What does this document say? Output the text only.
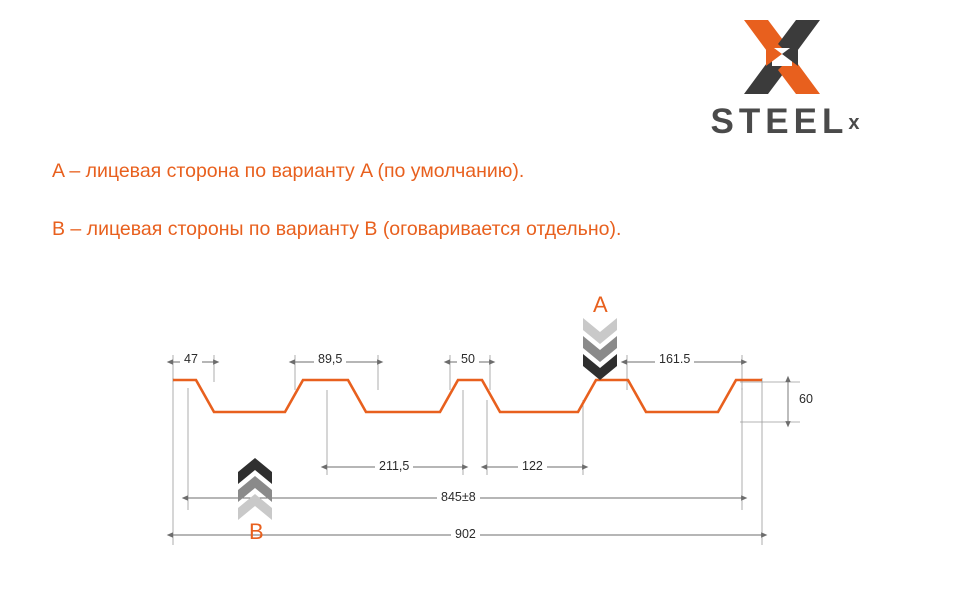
STEELx
A – лицевая сторона по варианту A (по умолчанию).
B – лицевая стороны по варианту B (оговаривается отдельно).
47	89,5	50	161.5
211,5	122
845±8
902
60
A
B
